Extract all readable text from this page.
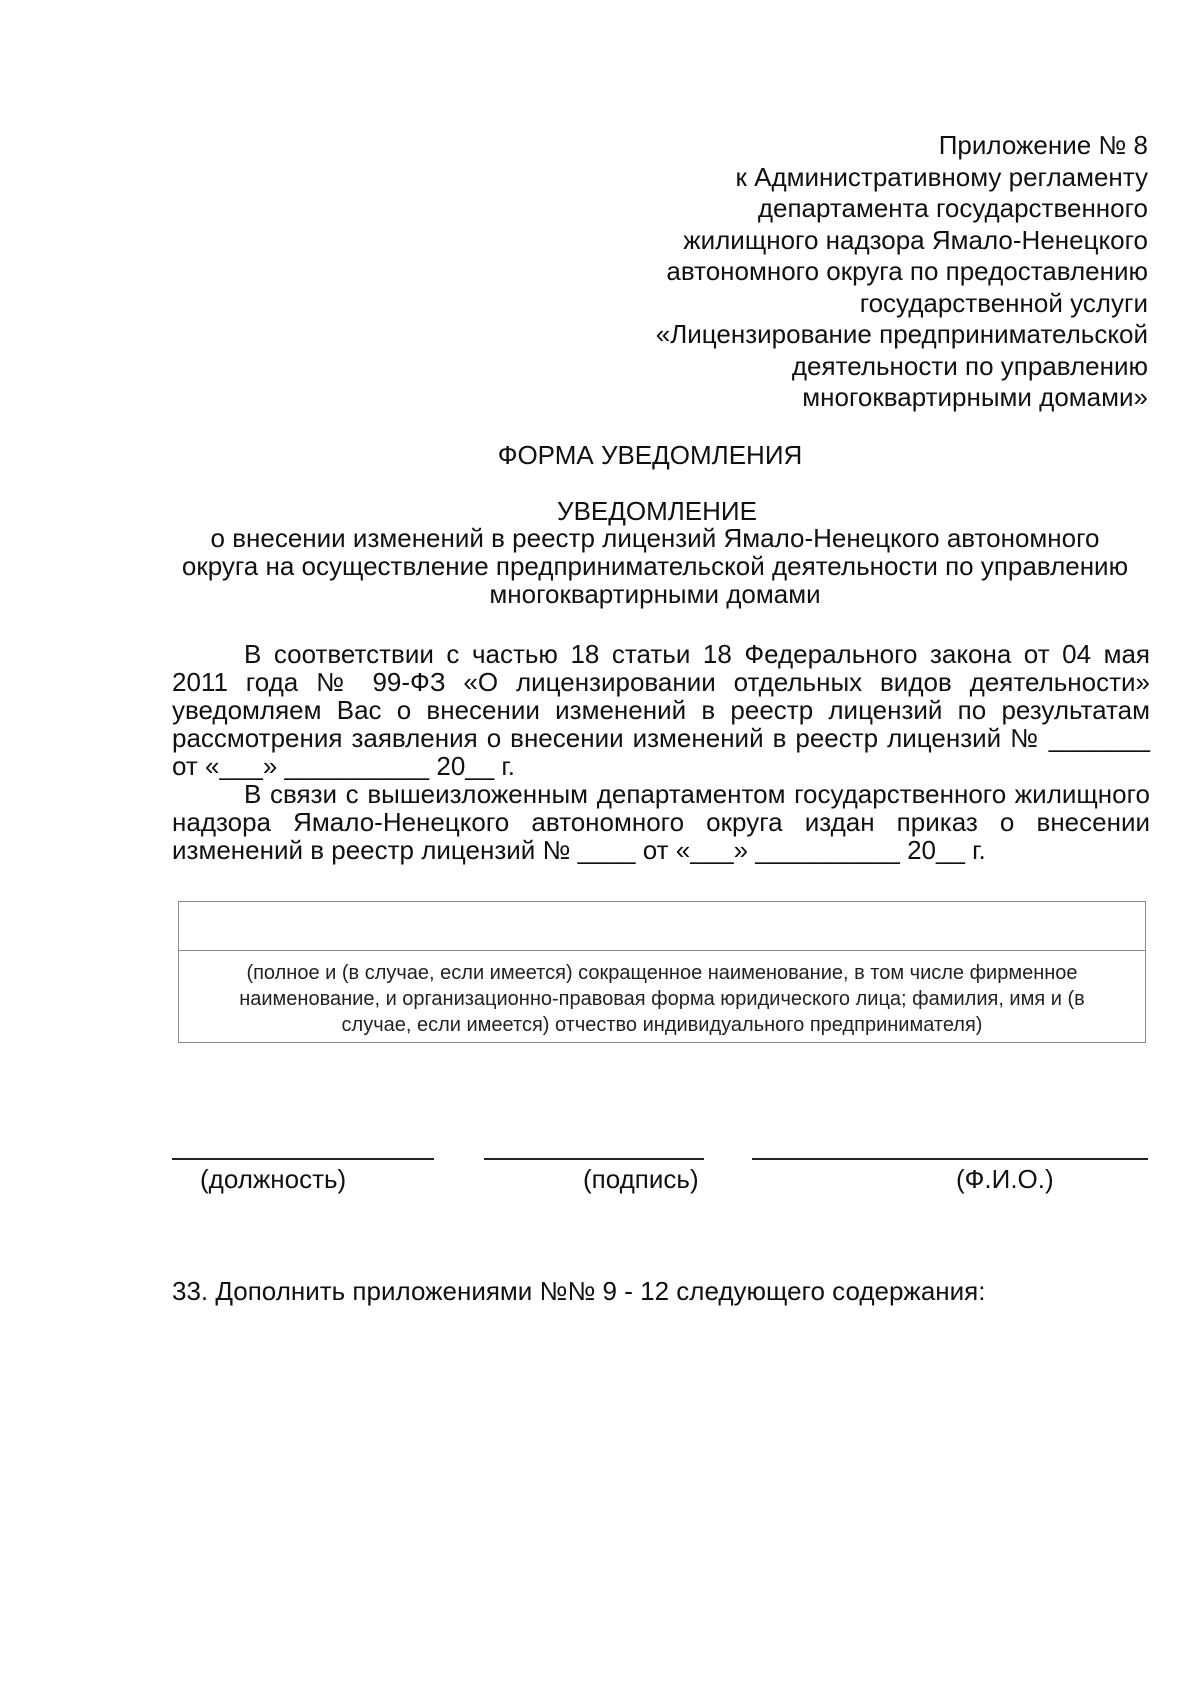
Приложение № 8
к Административному регламенту
департамента государственного
жилищного надзора Ямало-Ненецкого
автономного округа по предоставлению
государственной услуги
«Лицензирование предпринимательской
деятельности по управлению
многоквартирными домами»
ФОРМА УВЕДОМЛЕНИЯ
УВЕДОМЛЕНИЕ
о внесении изменений в реестр лицензий Ямало-Ненецкого автономного
округа на осуществление предпринимательской деятельности по управлению
многоквартирными домами
В соответствии с частью 18 статьи 18 Федерального закона от 04 мая
2011 года № 99-ФЗ «О лицензировании отдельных видов деятельности»
уведомляем Вас о внесении изменений в реестр лицензий по результатам
рассмотрения заявления о внесении изменений в реестр лицензий № _______
от «___» __________ 20__ г.
В связи с вышеизложенным департаментом государственного жилищного
надзора Ямало-Ненецкого автономного округа издан приказ о внесении
изменений в реестр лицензий № ____ от «___» __________ 20__ г.
(полное и (в случае, если имеется) сокращенное наименование, в том числе фирменное
наименование, и организационно-правовая форма юридического лица; фамилия, имя и (в
случае, если имеется) отчество индивидуального предпринимателя)
(должность)	(подпись)	(Ф.И.О.)
33. Дополнить приложениями №№ 9 - 12 следующего содержания:
